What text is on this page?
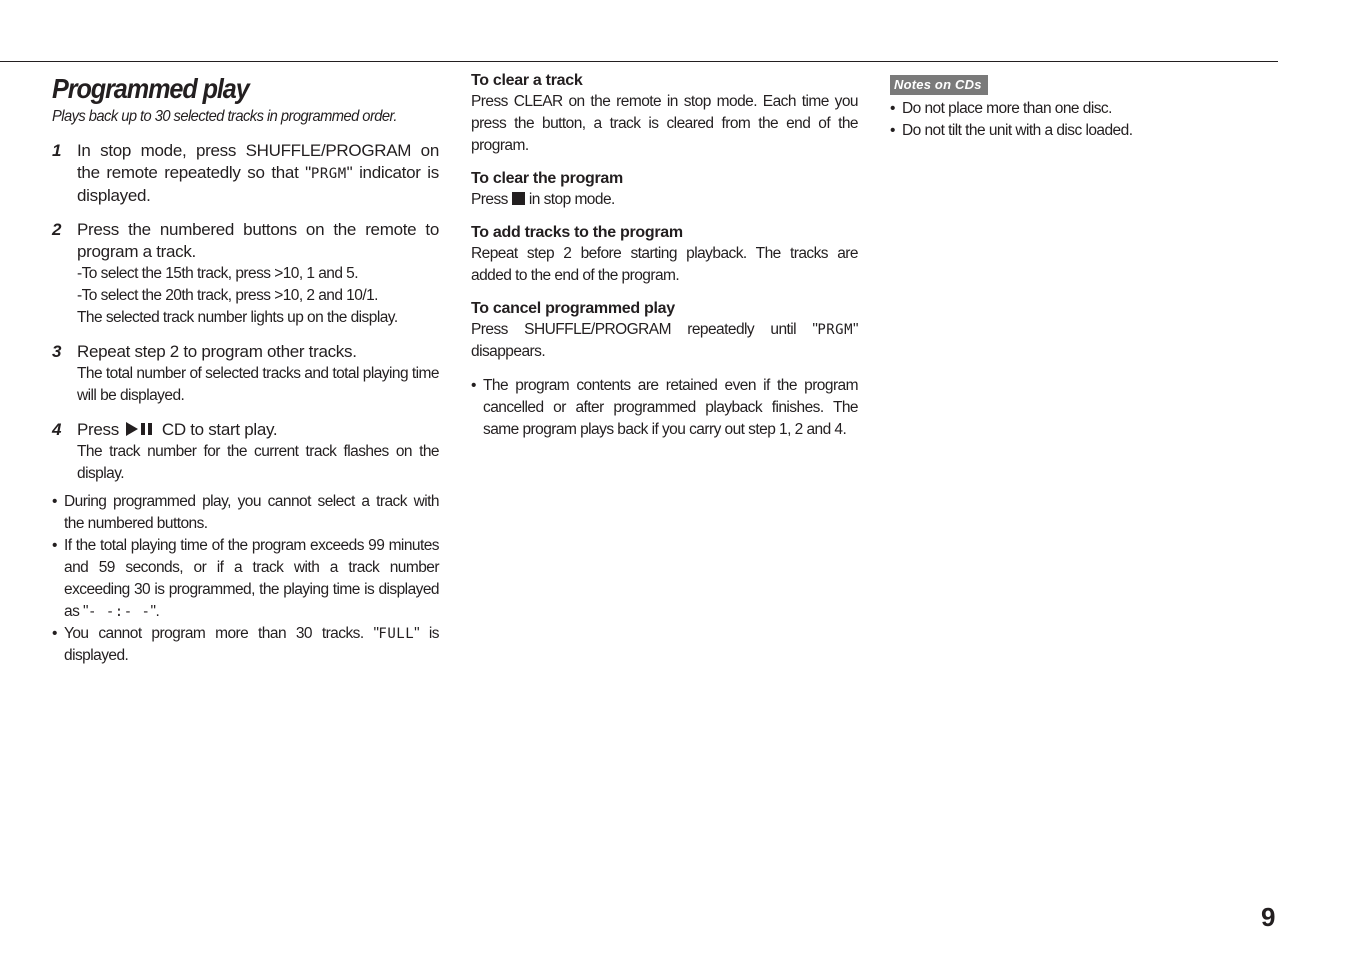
Programmed play

Plays back up to 30 selected tracks in programmed order.

1 In stop mode, press SHUFFLE/PROGRAM on the remote repeatedly so that "PRGM" indicator is displayed.
2 Press the numbered buttons on the remote to program a track.
-To select the 15th track, press >10, 1 and 5.
-To select the 20th track, press >10, 2 and 10/1.
The selected track number lights up on the display.
3 Repeat step 2 to program other tracks.
The total number of selected tracks and total playing time will be displayed.
4 Press	CD to start play.
The track number for the current track flashes on the display.

• During programmed play, you cannot select a track with the numbered buttons.

• If the total playing time of the program exceeds 99 minutes and 59 seconds, or if a track with a track number exceeding 30 is programmed, the playing time is displayed as "- -:- -".

• You cannot program more than 30 tracks. "FULL" is displayed.

To clear a track

Press CLEAR on the remote in stop mode. Each time you press the button, a track is cleared from the end of the program.

To clear the program

Press in stop mode.

To add tracks to the program

Repeat step 2 before starting playback. The tracks are added to the end of the program.

To cancel programmed play

Press SHUFFLE/PROGRAM repeatedly until "PRGM" disappears.

• The program contents are retained even if the program cancelled or after programmed playback finishes. The same program plays back if you carry out step 1, 2 and 4.

Notes on CDs

• Do not place more than one disc.

• Do not tilt the unit with a disc loaded.

9
